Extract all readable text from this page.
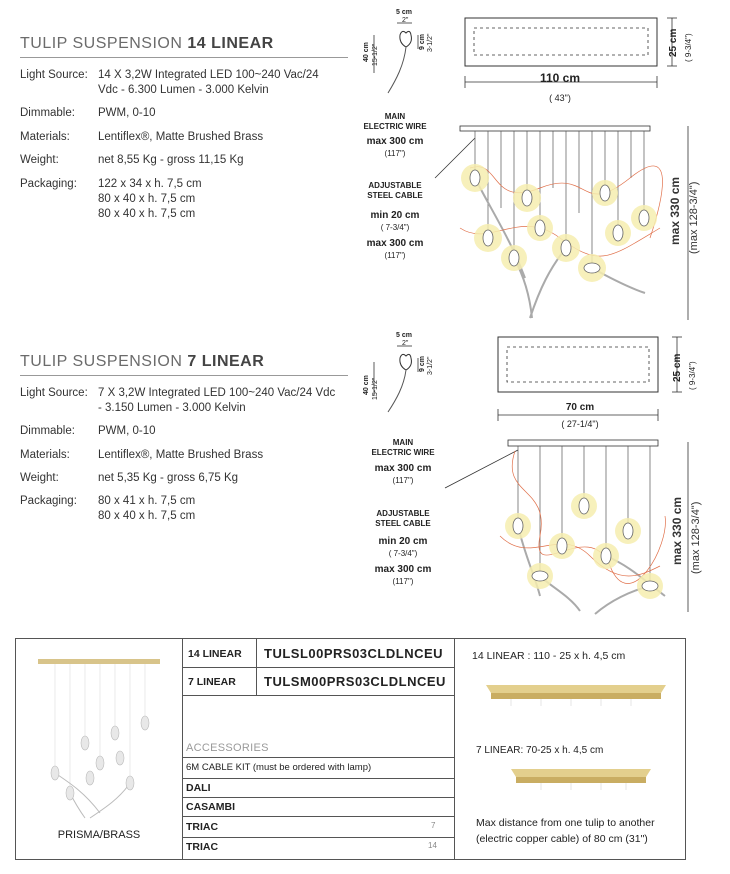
TULIP SUSPENSION 14 LINEAR
Light Source: 14 X 3,2W Integrated LED 100~240 Vac/24
Vdc - 6.300 Lumen - 3.000 Kelvin
Dimmable:	PWM, 0-10
Materials:	Lentiflex®, Matte Brushed Brass
Weight:	net 8,55 Kg - gross 11,15 Kg
Packaging:	122 x 34 x h. 7,5 cm
80 x 40 x h. 7,5 cm
80 x 40 x h. 7,5 cm
5 cm
2"
9 cm 3-1/2"
40 cm 15-1/2"	25 cm ( 9-3/4")
110 cm
( 43")
MAIN
ELECTRIC WIRE
max 300 cm
(117")
ADJUSTABLE
STEEL CABLE
min 20 cm
( 7-3/4")
max 300 cm
(117")
max 330 cm (max 128-3/4")
TULIP SUSPENSION 7 LINEAR
Light Source: 7 X 3,2W Integrated LED 100~240 Vac/24 Vdc
- 3.150 Lumen - 3.000 Kelvin
Dimmable:	PWM, 0-10
Materials:	Lentiflex®, Matte Brushed Brass
Weight:	net 5,35 Kg - gross 6,75 Kg
Packaging:	80 x 41 x h. 7,5 cm
80 x 40 x h. 7,5 cm
5 cm
2"
9 cm 3-1/2"
40 cm 15-1/2"
25 cm ( 9-3/4")
70 cm
( 27-1/4")
MAIN
ELECTRIC WIRE
max 300 cm
(117")
ADJUSTABLE
STEEL CABLE
min 20 cm
( 7-3/4")
max 300 cm
(117")
max 330 cm (max 128-3/4")
PRISMA/BRASS
14 LINEAR TULSL00PRS03CLDLNCEU
7 LINEAR TULSM00PRS03CLDLNCEU
ACCESSORIES
6M CABLE KIT (must be ordered with lamp)
DALI
CASAMBI
TRIAC	7
TRIAC	14
14 LINEAR : 110 - 25 x h. 4,5 cm
7 LINEAR: 70-25 x h. 4,5 cm
Max distance from one tulip to another
(electric copper cable) of 80 cm (31")
